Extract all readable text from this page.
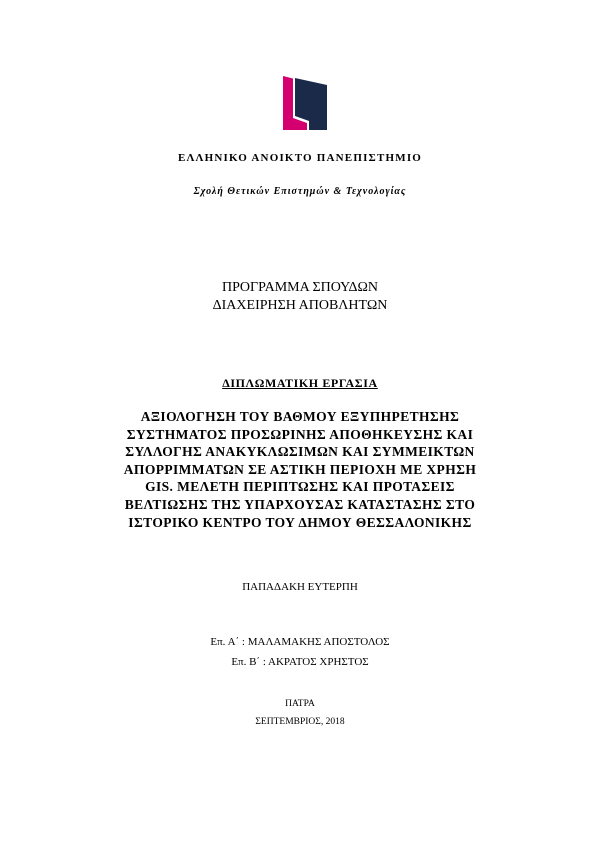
ΕΛΛΗΝΙΚΟ ΑΝΟΙΚΤΟ ΠΑΝΕΠΙΣΤΗΜΙΟ
Σχολή Θετικών Επιστημών & Τεχνολογίας
ΠΡΟΓΡΑΜΜΑ ΣΠΟΥΔΩΝ
ΔΙΑΧΕΙΡΗΣΗ ΑΠΟΒΛΗΤΩΝ
ΔΙΠΛΩΜΑΤΙΚΗ ΕΡΓΑΣΙΑ
ΑΞΙΟΛΟΓΗΣΗ ΤΟΥ ΒΑΘΜΟΥ ΕΞΥΠΗΡΕΤΗΣΗΣ
ΣΥΣΤΗΜΑΤΟΣ ΠΡΟΣΩΡΙΝΗΣ ΑΠΟΘΗΚΕΥΣΗΣ ΚΑΙ
ΣΥΛΛΟΓΗΣ ΑΝΑΚΥΚΛΩΣΙΜΩΝ ΚΑΙ ΣΥΜΜΕΙΚΤΩΝ
ΑΠΟΡΡΙΜΜΑΤΩΝ ΣΕ ΑΣΤΙΚΗ ΠΕΡΙΟΧΗ ΜΕ ΧΡΗΣΗ
GIS. ΜΕΛΕΤΗ ΠΕΡΙΠΤΩΣΗΣ ΚΑΙ ΠΡΟΤΑΣΕΙΣ
ΒΕΛΤΙΩΣΗΣ ΤΗΣ ΥΠΑΡΧΟΥΣΑΣ ΚΑΤΑΣΤΑΣΗΣ ΣΤΟ
ΙΣΤΟΡΙΚΟ ΚΕΝΤΡΟ ΤΟΥ ΔΗΜΟΥ ΘΕΣΣΑΛΟΝΙΚΗΣ
ΠΑΠΑΔΑΚΗ ΕΥΤΕΡΠΗ
Επ. Α΄ : ΜΑΛΑΜΑΚΗΣ ΑΠΟΣΤΟΛΟΣ
Επ. Β΄ : ΑΚΡΑΤΟΣ ΧΡΗΣΤΟΣ
ΠΑΤΡΑ
ΣΕΠΤΕΜΒΡΙΟΣ, 2018
